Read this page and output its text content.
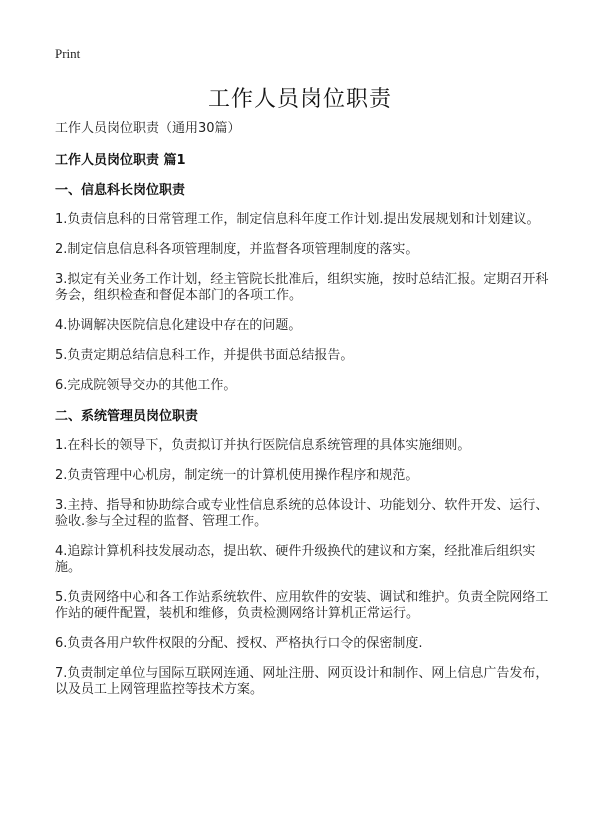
Print
工作人员岗位职责

工作人员岗位职责（通用30篇）

工作人员岗位职责 篇1

一、信息科长岗位职责

1.负责信息科的日常管理工作，制定信息科年度工作计划.提出发展规划和计划建议。

2.制定信息信息科各项管理制度，并监督各项管理制度的落实。

3.拟定有关业务工作计划，经主管院长批准后，组织实施，按时总结汇报。定期召开科务会，组织检查和督促本部门的各项工作。

4.协调解决医院信息化建设中存在的问题。

5.负责定期总结信息科工作，并提供书面总结报告。

6.完成院领导交办的其他工作。

二、系统管理员岗位职责

1.在科长的领导下，负责拟订并执行医院信息系统管理的具体实施细则。

2.负责管理中心机房，制定统一的计算机使用操作程序和规范。

3.主持、指导和协助综合或专业性信息系统的总体设计、功能划分、软件开发、运行、验收.参与全过程的监督、管理工作。

4.追踪计算机科技发展动态，提出软、硬件升级换代的建议和方案，经批准后组织实施。

5.负责网络中心和各工作站系统软件、应用软件的安装、调试和维护。负责全院网络工作站的硬件配置，装机和维修，负责检测网络计算机正常运行。

6.负责各用户软件权限的分配、授权、严格执行口令的保密制度.

7.负责制定单位与国际互联网连通、网址注册、网页设计和制作、网上信息广告发布，以及员工上网管理监控等技术方案。
